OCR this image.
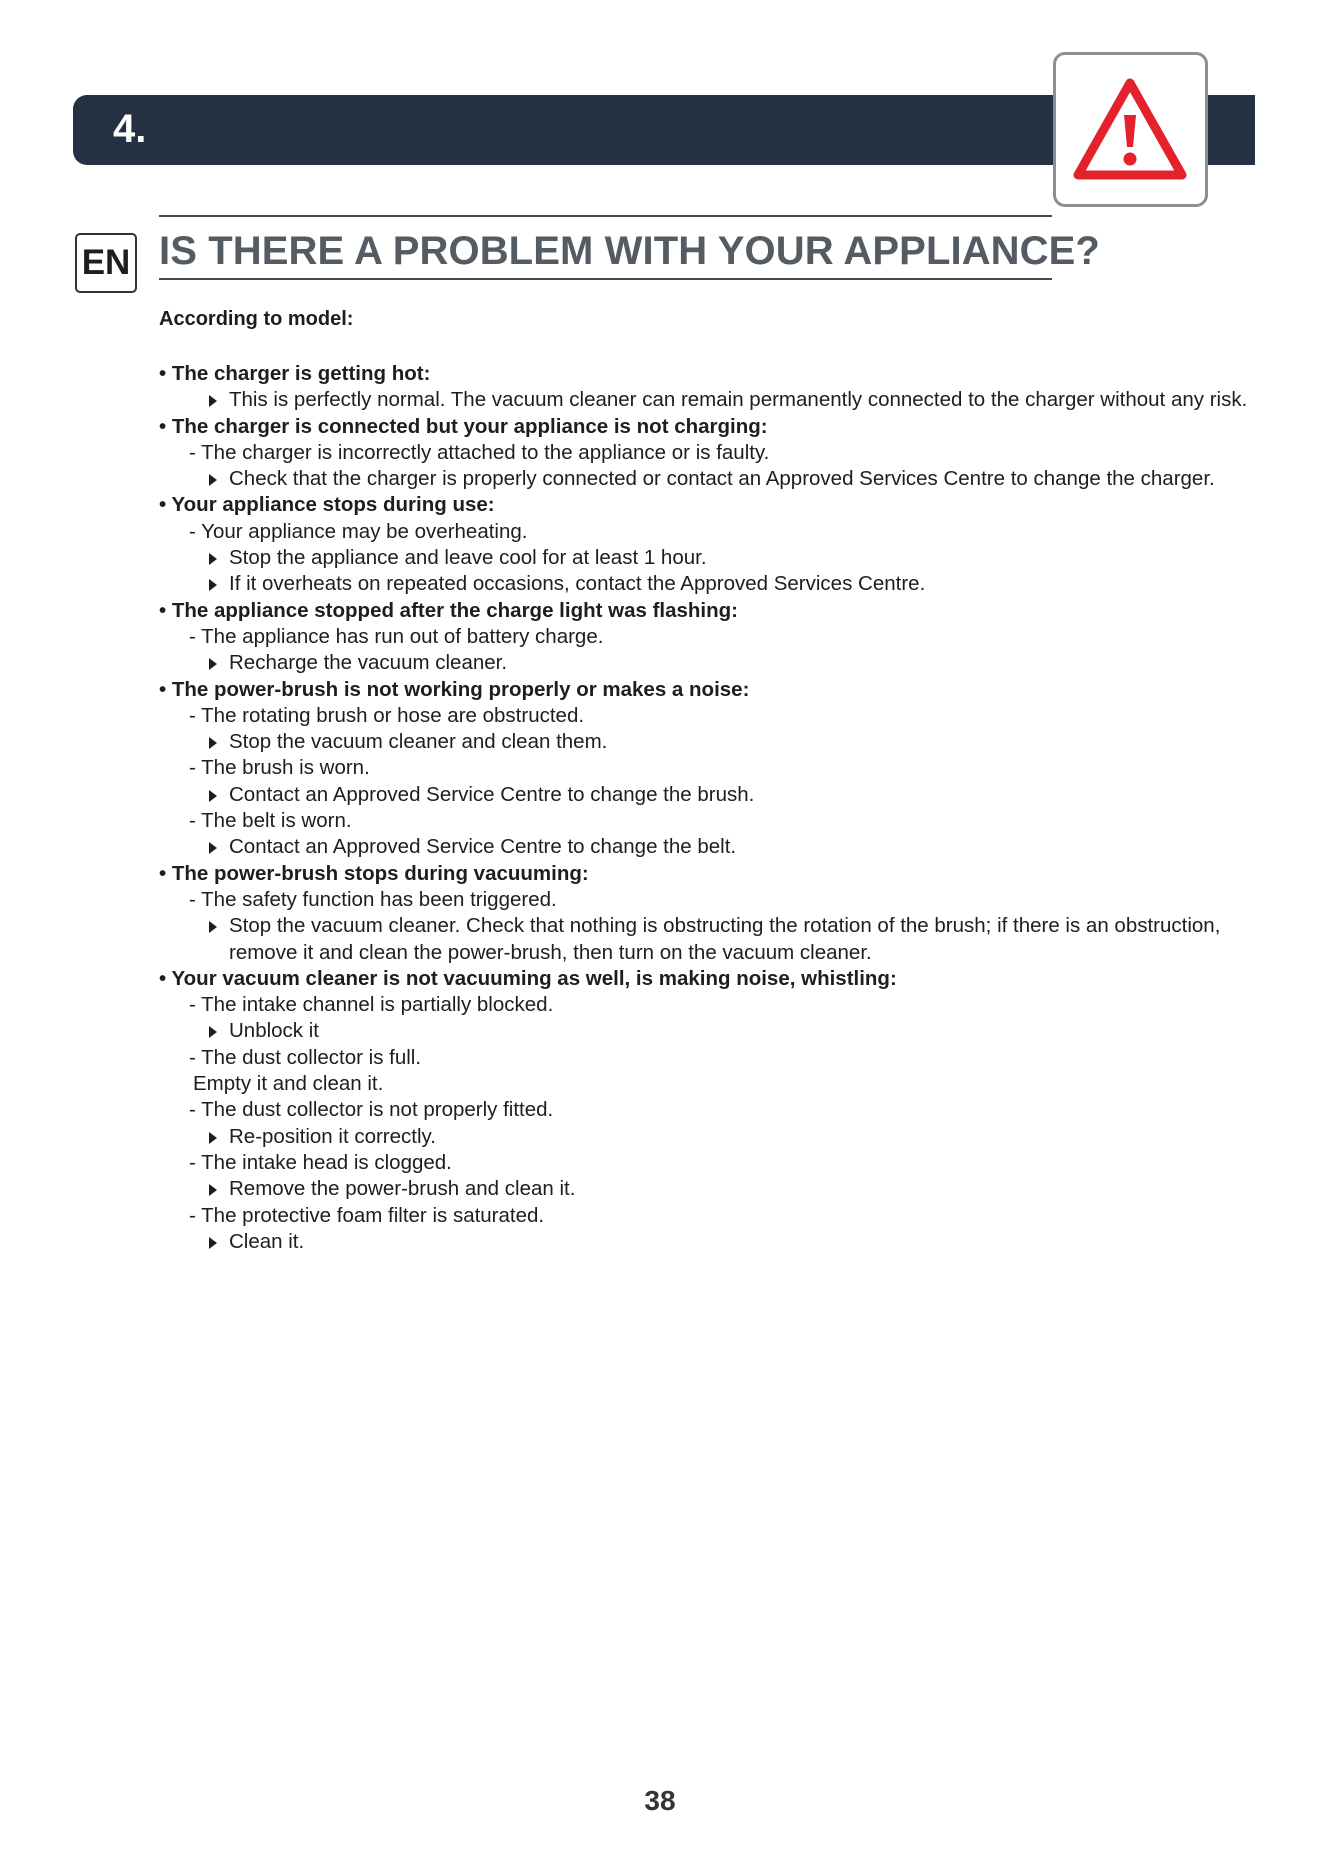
4.
EN IS THERE A PROBLEM WITH YOUR APPLIANCE?
According to model:
• The charger is getting hot:
This is perfectly normal. The vacuum cleaner can remain permanently connected to the charger without any risk.
• The charger is connected but your appliance is not charging:
- The charger is incorrectly attached to the appliance or is faulty.
Check that the charger is properly connected or contact an Approved Services Centre to change the charger.
• Your appliance stops during use:
- Your appliance may be overheating.
Stop the appliance and leave cool for at least 1 hour.
If it overheats on repeated occasions, contact the Approved Services Centre.
• The appliance stopped after the charge light was flashing:
- The appliance has run out of battery charge.
Recharge the vacuum cleaner.
• The power-brush is not working properly or makes a noise:
- The rotating brush or hose are obstructed.
Stop the vacuum cleaner and clean them.
- The brush is worn.
Contact an Approved Service Centre to change the brush.
- The belt is worn.
Contact an Approved Service Centre to change the belt.
• The power-brush stops during vacuuming:
- The safety function has been triggered.
Stop the vacuum cleaner. Check that nothing is obstructing the rotation of the brush; if there is an obstruction, remove it and clean the power-brush, then turn on the vacuum cleaner.
• Your vacuum cleaner is not vacuuming as well, is making noise, whistling:
- The intake channel is partially blocked.
Unblock it
- The dust collector is full.
Empty it and clean it.
- The dust collector is not properly fitted.
Re-position it correctly.
- The intake head is clogged.
Remove the power-brush and clean it.
- The protective foam filter is saturated.
Clean it.
38
